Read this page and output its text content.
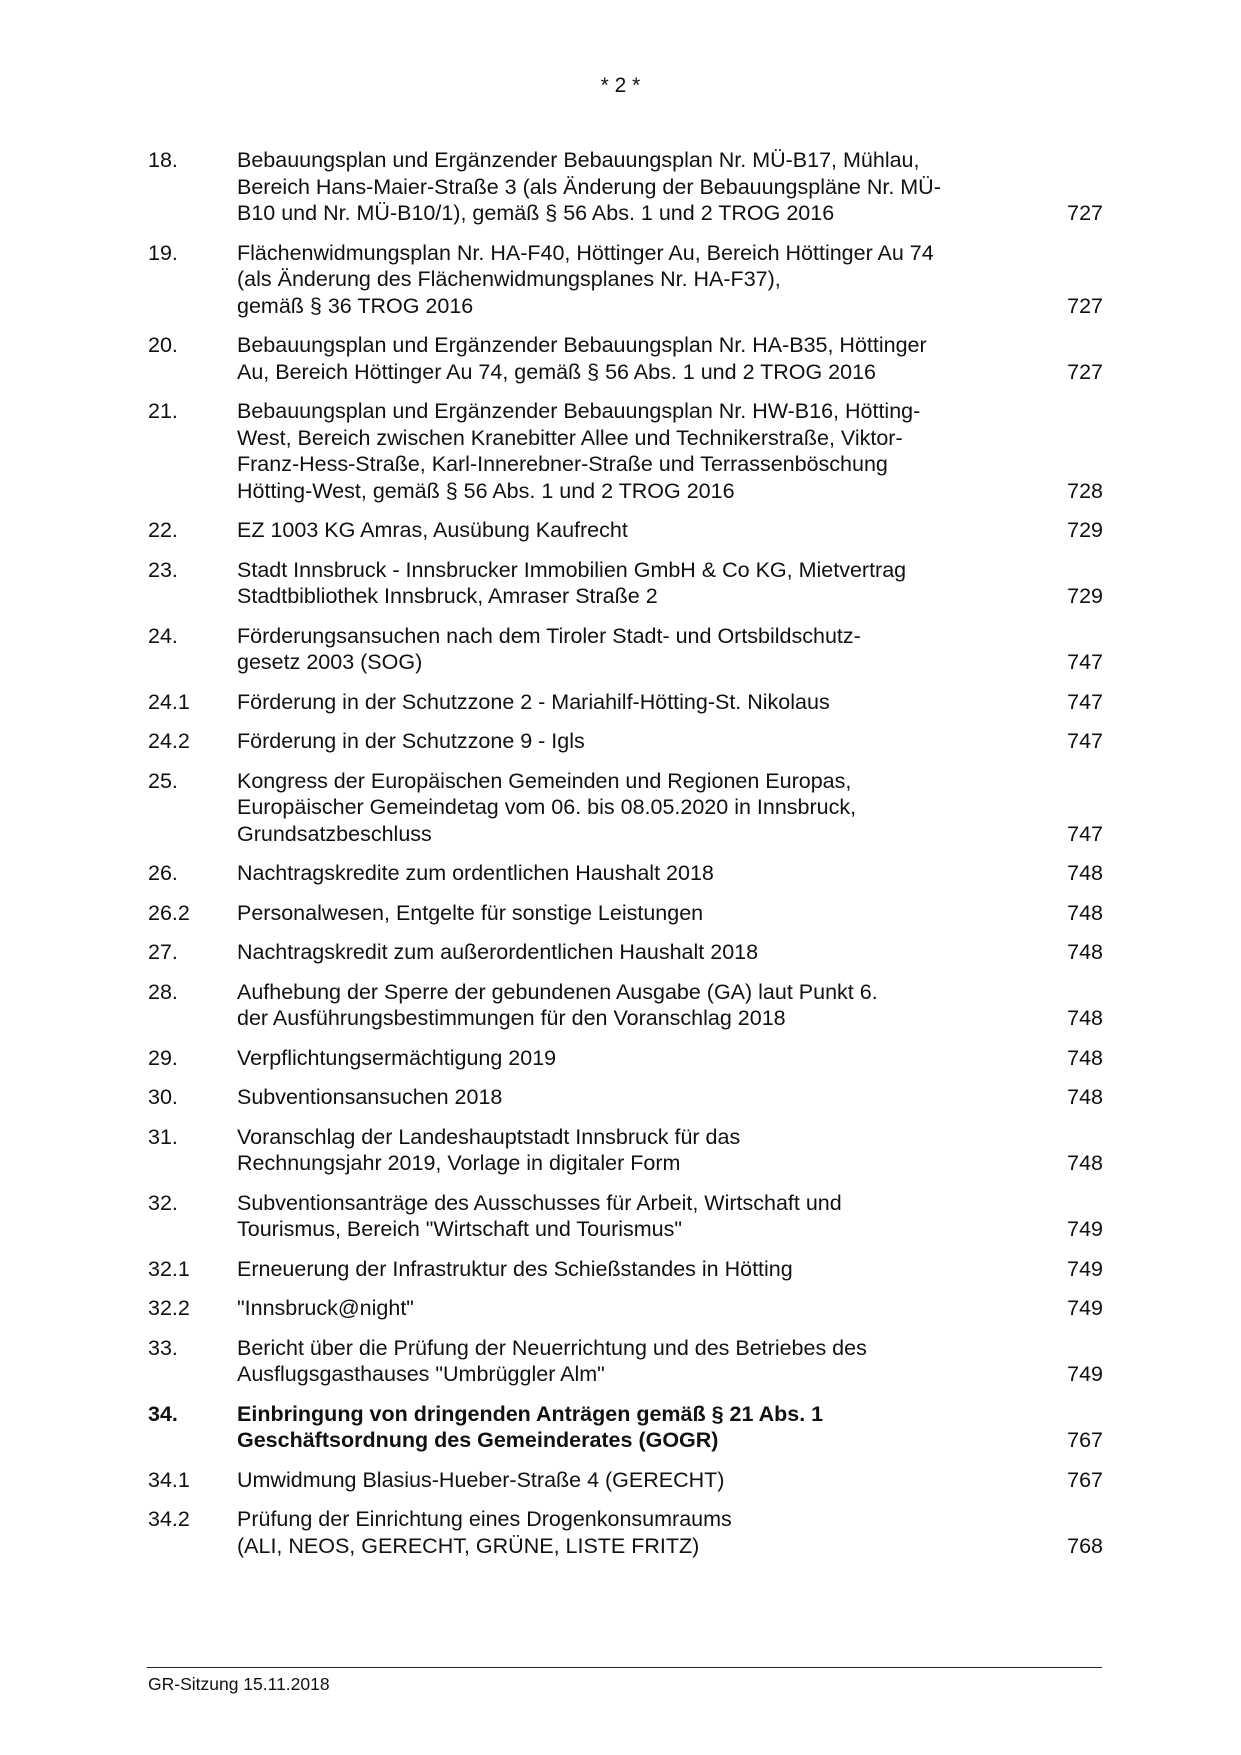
* 2 *
18.	Bebauungsplan und Ergänzender Bebauungsplan Nr. MÜ-B17, Mühlau,
Bereich Hans-Maier-Straße 3 (als Änderung der Bebauungspläne Nr. MÜ-
B10 und Nr. MÜ-B10/1), gemäß § 56 Abs. 1 und 2 TROG 2016	727
19.	Flächenwidmungsplan Nr. HA-F40, Höttinger Au, Bereich Höttinger Au 74
(als Änderung des Flächenwidmungsplanes Nr. HA-F37),
gemäß § 36 TROG 2016	727
20.	Bebauungsplan und Ergänzender Bebauungsplan Nr. HA-B35, Höttinger
Au, Bereich Höttinger Au 74, gemäß § 56 Abs. 1 und 2 TROG 2016	727
21.	Bebauungsplan und Ergänzender Bebauungsplan Nr. HW-B16, Hötting-
West, Bereich zwischen Kranebitter Allee und Technikerstraße, Viktor-
Franz-Hess-Straße, Karl-Innerebner-Straße und Terrassenböschung
Hötting-West, gemäß § 56 Abs. 1 und 2 TROG 2016	728
22.	EZ 1003 KG Amras, Ausübung Kaufrecht	729
23.	Stadt Innsbruck - Innsbrucker Immobilien GmbH & Co KG, Mietvertrag
Stadtbibliothek Innsbruck, Amraser Straße 2	729
24.	Förderungsansuchen nach dem Tiroler Stadt- und Ortsbildschutz-
gesetz 2003 (SOG)	747
24.1	Förderung in der Schutzzone 2 - Mariahilf-Hötting-St. Nikolaus	747
24.2	Förderung in der Schutzzone 9 - Igls	747
25.	Kongress der Europäischen Gemeinden und Regionen Europas,
Europäischer Gemeindetag vom 06. bis 08.05.2020 in Innsbruck,
Grundsatzbeschluss	747
26.	Nachtragskredite zum ordentlichen Haushalt 2018	748
26.2	Personalwesen, Entgelte für sonstige Leistungen	748
27.	Nachtragskredit zum außerordentlichen Haushalt 2018	748
28.	Aufhebung der Sperre der gebundenen Ausgabe (GA) laut Punkt 6.
der Ausführungsbestimmungen für den Voranschlag 2018	748
29.	Verpflichtungsermächtigung 2019	748
30.	Subventionsansuchen 2018	748
31.	Voranschlag der Landeshauptstadt Innsbruck für das
Rechnungsjahr 2019, Vorlage in digitaler Form	748
32.	Subventionsanträge des Ausschusses für Arbeit, Wirtschaft und
Tourismus, Bereich "Wirtschaft und Tourismus"	749
32.1	Erneuerung der Infrastruktur des Schießstandes in Hötting	749
32.2	"Innsbruck@night"	749
33.	Bericht über die Prüfung der Neuerrichtung und des Betriebes des
Ausflugsgasthauses "Umbrüggler Alm"	749
34.	Einbringung von dringenden Anträgen gemäß § 21 Abs. 1
Geschäftsordnung des Gemeinderates (GOGR)	767
34.1	Umwidmung Blasius-Hueber-Straße 4 (GERECHT)	767
34.2	Prüfung der Einrichtung eines Drogenkonsumraums
(ALI, NEOS, GERECHT, GRÜNE, LISTE FRITZ)	768
GR-Sitzung 15.11.2018
